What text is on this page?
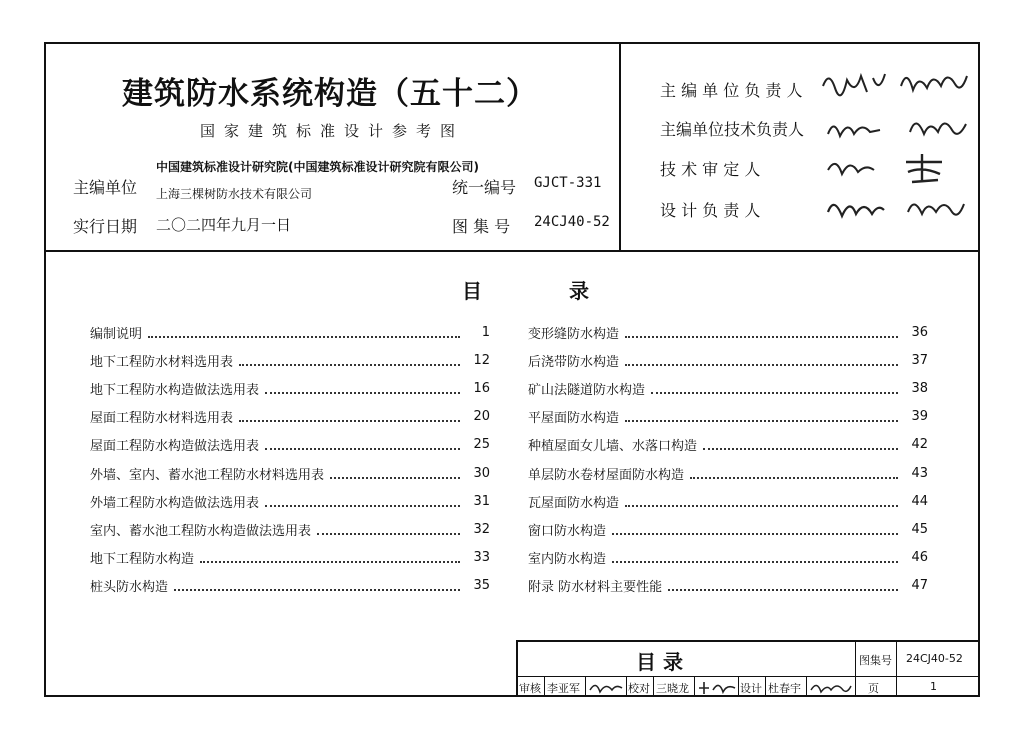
建筑防水系统构造（五十二）
国家建筑标准设计参考图
主编单位
中国建筑标准设计研究院(中国建筑标准设计研究院有限公司)
上海三棵树防水技术有限公司	统一编号 GJCT-331
实行日期 二〇二四年九月一日	图 集 号 24CJ40-52
主 编 单 位 负 责 人
主编单位技术负责人
技 术 审 定 人
设 计 负 责 人
目 录
编制说明	1
地下工程防水材料选用表	12
地下工程防水构造做法选用表	16
屋面工程防水材料选用表	20
屋面工程防水构造做法选用表	25
外墙、室内、蓄水池工程防水材料选用表	30
外墙工程防水构造做法选用表	31
室内、蓄水池工程防水构造做法选用表	32
地下工程防水构造	33
桩头防水构造	35
变形缝防水构造	36
后浇带防水构造	37
矿山法隧道防水构造	38
平屋面防水构造	39
种植屋面女儿墙、水落口构造	42
单层防水卷材屋面防水构造	43
瓦屋面防水构造	44
窗口防水构造	45
室内防水构造	46
附录 防水材料主要性能	47
目 录	图集号 24CJ40-52
审核 李亚军	校对 三晓龙	设计 杜春宇	页	1
